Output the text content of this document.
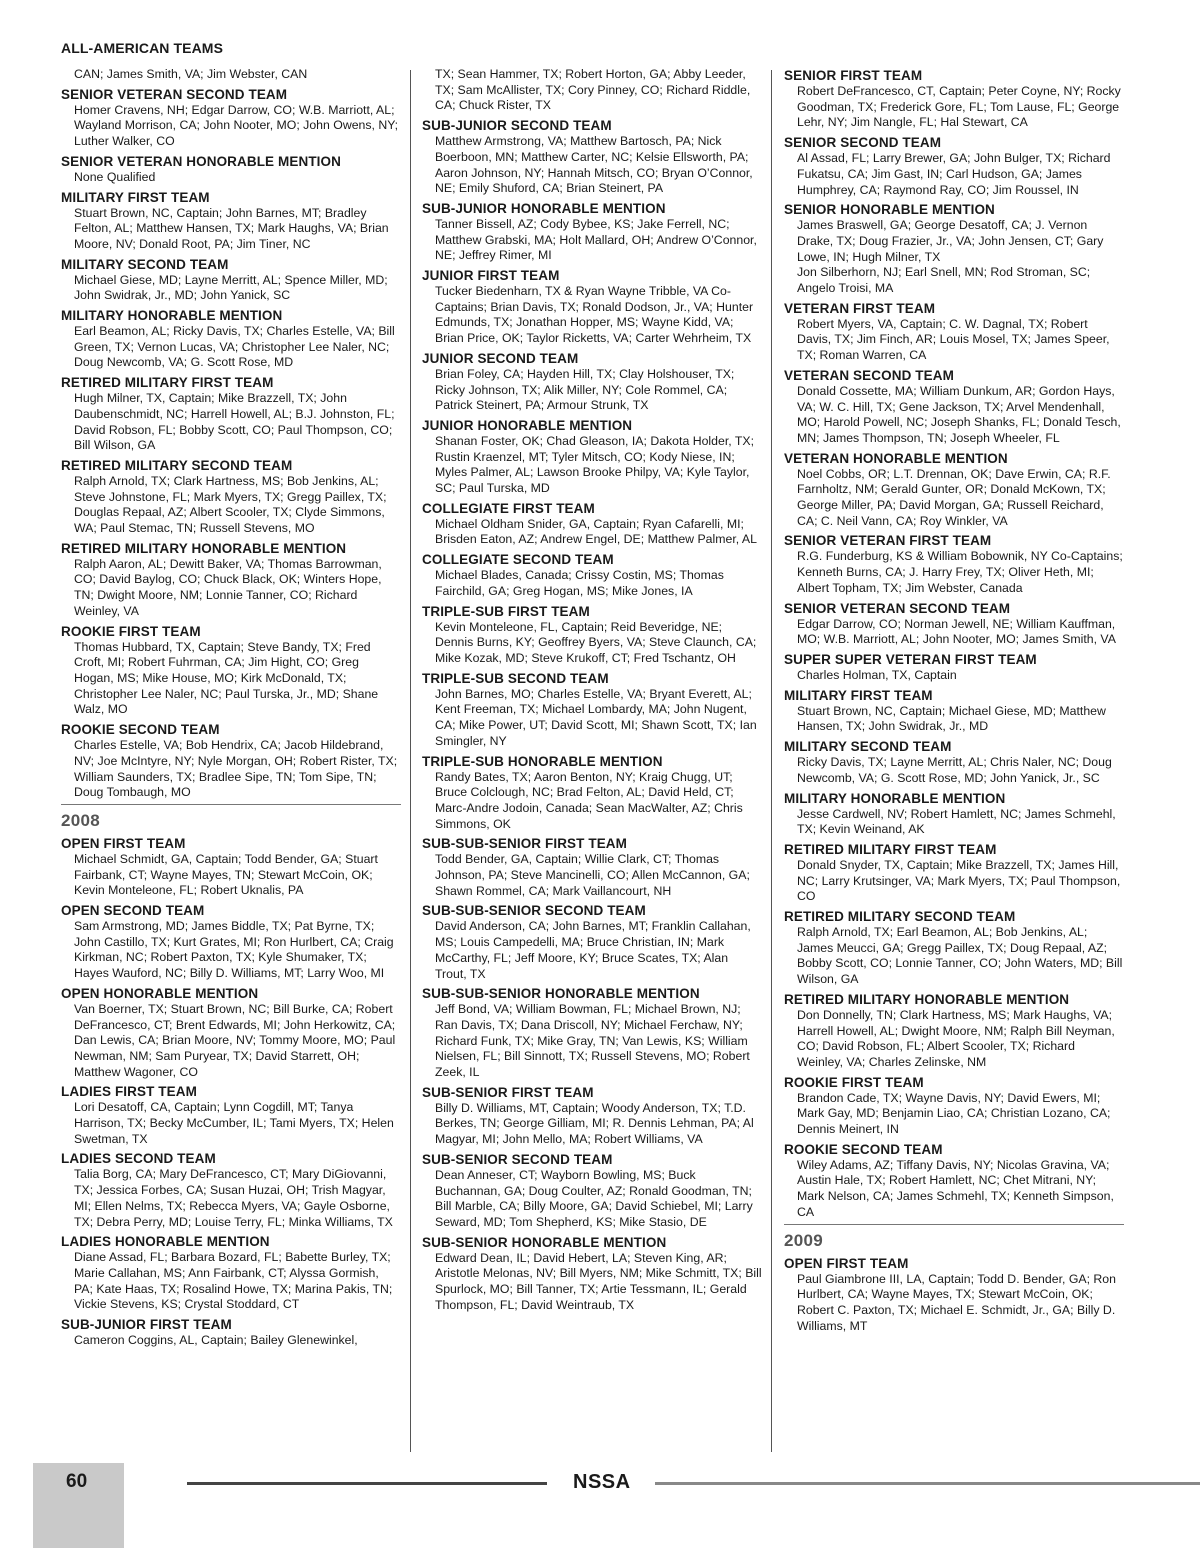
ALL-AMERICAN TEAMS

CAN; James Smith, VA; Jim Webster, CAN

SENIOR VETERAN SECOND TEAM

Homer Cravens, NH; Edgar Darrow, CO; W.B. Marriott, AL; Wayland Morrison, CA; John Nooter, MO; John Owens, NY; Luther Walker, CO

SENIOR VETERAN HONORABLE MENTION

None Qualified

MILITARY FIRST TEAM

Stuart Brown, NC, Captain; John Barnes, MT; Bradley Felton, AL; Matthew Hansen, TX; Mark Haughs, VA; Brian Moore, NV; Donald Root, PA; Jim Tiner, NC

MILITARY SECOND TEAM

Michael Giese, MD; Layne Merritt, AL; Spence Miller, MD; John Swidrak, Jr., MD; John Yanick, SC

MILITARY HONORABLE MENTION

Earl Beamon, AL; Ricky Davis, TX; Charles Estelle, VA; Bill Green, TX; Vernon Lucas, VA; Christopher Lee Naler, NC; Doug Newcomb, VA; G. Scott Rose, MD

RETIRED MILITARY FIRST TEAM

Hugh Milner, TX, Captain; Mike Brazzell, TX; John Daubenschmidt, NC; Harrell Howell, AL; B.J. Johnston, FL; David Robson, FL; Bobby Scott, CO; Paul Thompson, CO; Bill Wilson, GA

RETIRED MILITARY SECOND TEAM

Ralph Arnold, TX; Clark Hartness, MS; Bob Jenkins, AL; Steve Johnstone, FL; Mark Myers, TX; Gregg Paillex, TX; Douglas Repaal, AZ; Albert Scooler, TX; Clyde Simmons, WA; Paul Stemac, TN; Russell Stevens, MO

RETIRED MILITARY HONORABLE MENTION

Ralph Aaron, AL; Dewitt Baker, VA; Thomas Barrowman, CO; David Baylog, CO; Chuck Black, OK; Winters Hope, TN; Dwight Moore, NM; Lonnie Tanner, CO; Richard Weinley, VA

ROOKIE FIRST TEAM

Thomas Hubbard, TX, Captain; Steve Bandy, TX; Fred Croft, MI; Robert Fuhrman, CA; Jim Hight, CO; Greg Hogan, MS; Mike House, MO; Kirk McDonald, TX; Christopher Lee Naler, NC; Paul Turska, Jr., MD; Shane Walz, MO

ROOKIE SECOND TEAM

Charles Estelle, VA; Bob Hendrix, CA; Jacob Hildebrand, NV; Joe McIntyre, NY; Nyle Morgan, OH; Robert Rister, TX; William Saunders, TX; Bradlee Sipe, TN; Tom Sipe, TN; Doug Tombaugh, MO

2008

OPEN FIRST TEAM

Michael Schmidt, GA, Captain; Todd Bender, GA; Stuart Fairbank, CT; Wayne Mayes, TN; Stewart McCoin, OK; Kevin Monteleone, FL; Robert Uknalis, PA

OPEN SECOND TEAM

Sam Armstrong, MD; James Biddle, TX; Pat Byrne, TX; John Castillo, TX; Kurt Grates, MI; Ron Hurlbert, CA; Craig Kirkman, NC; Robert Paxton, TX; Kyle Shumaker, TX; Hayes Wauford, NC; Billy D. Williams, MT; Larry Woo, MI

OPEN HONORABLE MENTION

Van Boerner, TX; Stuart Brown, NC; Bill Burke, CA; Robert DeFrancesco, CT; Brent Edwards, MI; John Herkowitz, CA; Dan Lewis, CA; Brian Moore, NV; Tommy Moore, MO; Paul Newman, NM; Sam Puryear, TX; David Starrett, OH; Matthew Wagoner, CO

LADIES FIRST TEAM

Lori Desatoff, CA, Captain; Lynn Cogdill, MT; Tanya Harrison, TX; Becky McCumber, IL; Tami Myers, TX; Helen Swetman, TX

LADIES SECOND TEAM

Talia Borg, CA; Mary DeFrancesco, CT; Mary DiGiovanni, TX; Jessica Forbes, CA; Susan Huzai, OH; Trish Magyar, MI; Ellen Nelms, TX; Rebecca Myers, VA; Gayle Osborne, TX; Debra Perry, MD; Louise Terry, FL; Minka Williams, TX

LADIES HONORABLE MENTION

Diane Assad, FL; Barbara Bozard, FL; Babette Burley, TX; Marie Callahan, MS; Ann Fairbank, CT; Alyssa Gormish, PA; Kate Haas, TX; Rosalind Howe, TX; Marina Pakis, TN; Vickie Stevens, KS; Crystal Stoddard, CT

SUB-JUNIOR FIRST TEAM

Cameron Coggins, AL, Captain; Bailey Glenewinkel,

TX; Sean Hammer, TX; Robert Horton, GA; Abby Leeder, TX; Sam McAllister, TX; Cory Pinney, CO; Richard Riddle, CA; Chuck Rister, TX

SUB-JUNIOR SECOND TEAM

Matthew Armstrong, VA; Matthew Bartosch, PA; Nick Boerboon, MN; Matthew Carter, NC; Kelsie Ellsworth, PA; Aaron Johnson, NY; Hannah Mitsch, CO; Bryan O’Connor, NE; Emily Shuford, CA; Brian Steinert, PA

SUB-JUNIOR HONORABLE MENTION

Tanner Bissell, AZ; Cody Bybee, KS; Jake Ferrell, NC; Matthew Grabski, MA; Holt Mallard, OH; Andrew O’Connor, NE; Jeffrey Rimer, MI

JUNIOR FIRST TEAM

Tucker Biedenharn, TX & Ryan Wayne Tribble, VA Co-Captains; Brian Davis, TX; Ronald Dodson, Jr., VA; Hunter Edmunds, TX; Jonathan Hopper, MS; Wayne Kidd, VA; Brian Price, OK; Taylor Ricketts, VA; Carter Wehrheim, TX

JUNIOR SECOND TEAM

Brian Foley, CA; Hayden Hill, TX; Clay Holshouser, TX; Ricky Johnson, TX; Alik Miller, NY; Cole Rommel, CA; Patrick Steinert, PA; Armour Strunk, TX

JUNIOR HONORABLE MENTION

Shanan Foster, OK; Chad Gleason, IA; Dakota Holder, TX; Rustin Kraenzel, MT; Tyler Mitsch, CO; Kody Niese, IN; Myles Palmer, AL; Lawson Brooke Philpy, VA; Kyle Taylor, SC; Paul Turska, MD

COLLEGIATE FIRST TEAM

Michael Oldham Snider, GA, Captain; Ryan Cafarelli, MI; Brisden Eaton, AZ; Andrew Engel, DE; Matthew Palmer, AL

COLLEGIATE SECOND TEAM

Michael Blades, Canada; Crissy Costin, MS; Thomas Fairchild, GA; Greg Hogan, MS; Mike Jones, IA

TRIPLE-SUB FIRST TEAM

Kevin Monteleone, FL, Captain; Reid Beveridge, NE; Dennis Burns, KY; Geoffrey Byers, VA; Steve Claunch, CA; Mike Kozak, MD; Steve Krukoff, CT; Fred Tschantz, OH

TRIPLE-SUB SECOND TEAM

John Barnes, MO; Charles Estelle, VA; Bryant Everett, AL; Kent Freeman, TX; Michael Lombardy, MA; John Nugent, CA; Mike Power, UT; David Scott, MI; Shawn Scott, TX; Ian Smingler, NY

TRIPLE-SUB HONORABLE MENTION

Randy Bates, TX; Aaron Benton, NY; Kraig Chugg, UT; Bruce Colclough, NC; Brad Felton, AL; David Held, CT; Marc-Andre Jodoin, Canada; Sean MacWalter, AZ; Chris Simmons, OK

SUB-SUB-SENIOR FIRST TEAM

Todd Bender, GA, Captain; Willie Clark, CT; Thomas Johnson, PA; Steve Mancinelli, CO; Allen McCannon, GA; Shawn Rommel, CA; Mark Vaillancourt, NH

SUB-SUB-SENIOR SECOND TEAM

David Anderson, CA; John Barnes, MT; Franklin Callahan, MS; Louis Campedelli, MA; Bruce Christian, IN; Mark McCarthy, FL; Jeff Moore, KY; Bruce Scates, TX; Alan Trout, TX

SUB-SUB-SENIOR HONORABLE MENTION

Jeff Bond, VA; William Bowman, FL; Michael Brown, NJ; Ran Davis, TX; Dana Driscoll, NY; Michael Ferchaw, NY; Richard Funk, TX; Mike Gray, TN; Van Lewis, KS; William Nielsen, FL; Bill Sinnott, TX; Russell Stevens, MO; Robert Zeek, IL

SUB-SENIOR FIRST TEAM

Billy D. Williams, MT, Captain; Woody Anderson, TX; T.D. Berkes, TN; George Gilliam, MI; R. Dennis Lehman, PA; Al Magyar, MI; John Mello, MA; Robert Williams, VA

SUB-SENIOR SECOND TEAM

Dean Anneser, CT; Wayborn Bowling, MS; Buck Buchannan, GA; Doug Coulter, AZ; Ronald Goodman, TN; Bill Marble, CA; Billy Moore, GA; David Schiebel, MI; Larry Seward, MD; Tom Shepherd, KS; Mike Stasio, DE

SUB-SENIOR HONORABLE MENTION

Edward Dean, IL; David Hebert, LA; Steven King, AR; Aristotle Melonas, NV; Bill Myers, NM; Mike Schmitt, TX; Bill Spurlock, MO; Bill Tanner, TX; Artie Tessmann, IL; Gerald Thompson, FL; David Weintraub, TX

SENIOR FIRST TEAM

Robert DeFrancesco, CT, Captain; Peter Coyne, NY; Rocky Goodman, TX; Frederick Gore, FL; Tom Lause, FL; George Lehr, NY; Jim Nangle, FL; Hal Stewart, CA

SENIOR SECOND TEAM

Al Assad, FL; Larry Brewer, GA; John Bulger, TX; Richard Fukatsu, CA; Jim Gast, IN; Carl Hudson, GA; James Humphrey, CA; Raymond Ray, CO; Jim Roussel, IN

SENIOR HONORABLE MENTION

James Braswell, GA; George Desatoff, CA; J. Vernon Drake, TX; Doug Frazier, Jr., VA; John Jensen, CT; Gary Lowe, IN; Hugh Milner, TX

Jon Silberhorn, NJ; Earl Snell, MN; Rod Stroman, SC; Angelo Troisi, MA

VETERAN FIRST TEAM

Robert Myers, VA, Captain; C. W. Dagnal, TX; Robert Davis, TX; Jim Finch, AR; Louis Mosel, TX; James Speer, TX; Roman Warren, CA

VETERAN SECOND TEAM

Donald Cossette, MA; William Dunkum, AR; Gordon Hays, VA; W. C. Hill, TX; Gene Jackson, TX; Arvel Mendenhall, MO; Harold Powell, NC; Joseph Shanks, FL; Donald Tesch, MN; James Thompson, TN; Joseph Wheeler, FL

VETERAN HONORABLE MENTION

Noel Cobbs, OR; L.T. Drennan, OK; Dave Erwin, CA; R.F. Farnholtz, NM; Gerald Gunter, OR; Donald McKown, TX; George Miller, PA; David Morgan, GA; Russell Reichard, CA; C. Neil Vann, CA; Roy Winkler, VA

SENIOR VETERAN FIRST TEAM

R.G. Funderburg, KS & William Bobownik, NY Co-Captains; Kenneth Burns, CA; J. Harry Frey, TX; Oliver Heth, MI; Albert Topham, TX; Jim Webster, Canada

SENIOR VETERAN SECOND TEAM

Edgar Darrow, CO; Norman Jewell, NE; William Kauffman, MO; W.B. Marriott, AL; John Nooter, MO; James Smith, VA

SUPER SUPER VETERAN FIRST TEAM

Charles Holman, TX, Captain

MILITARY FIRST TEAM

Stuart Brown, NC, Captain; Michael Giese, MD; Matthew Hansen, TX; John Swidrak, Jr., MD

MILITARY SECOND TEAM

Ricky Davis, TX; Layne Merritt, AL; Chris Naler, NC; Doug Newcomb, VA; G. Scott Rose, MD; John Yanick, Jr., SC

MILITARY HONORABLE MENTION

Jesse Cardwell, NV; Robert Hamlett, NC; James Schmehl, TX; Kevin Weinand, AK

RETIRED MILITARY FIRST TEAM

Donald Snyder, TX, Captain; Mike Brazzell, TX; James Hill, NC; Larry Krutsinger, VA; Mark Myers, TX; Paul Thompson, CO

RETIRED MILITARY SECOND TEAM

Ralph Arnold, TX; Earl Beamon, AL; Bob Jenkins, AL; James Meucci, GA; Gregg Paillex, TX; Doug Repaal, AZ; Bobby Scott, CO; Lonnie Tanner, CO; John Waters, MD; Bill Wilson, GA

RETIRED MILITARY HONORABLE MENTION

Don Donnelly, TN; Clark Hartness, MS; Mark Haughs, VA; Harrell Howell, AL; Dwight Moore, NM; Ralph Bill Neyman, CO; David Robson, FL; Albert Scooler, TX; Richard Weinley, VA; Charles Zelinske, NM

ROOKIE FIRST TEAM

Brandon Cade, TX; Wayne Davis, NY; David Ewers, MI; Mark Gay, MD; Benjamin Liao, CA; Christian Lozano, CA; Dennis Meinert, IN

ROOKIE SECOND TEAM

Wiley Adams, AZ; Tiffany Davis, NY; Nicolas Gravina, VA; Austin Hale, TX; Robert Hamlett, NC; Chet Mitrani, NY; Mark Nelson, CA; James Schmehl, TX; Kenneth Simpson, CA

2009

OPEN FIRST TEAM

Paul Giambrone III, LA, Captain; Todd D. Bender, GA; Ron Hurlbert, CA; Wayne Mayes, TX; Stewart McCoin, OK; Robert C. Paxton, TX; Michael E. Schmidt, Jr., GA; Billy D. Williams, MT

60	NSSA
